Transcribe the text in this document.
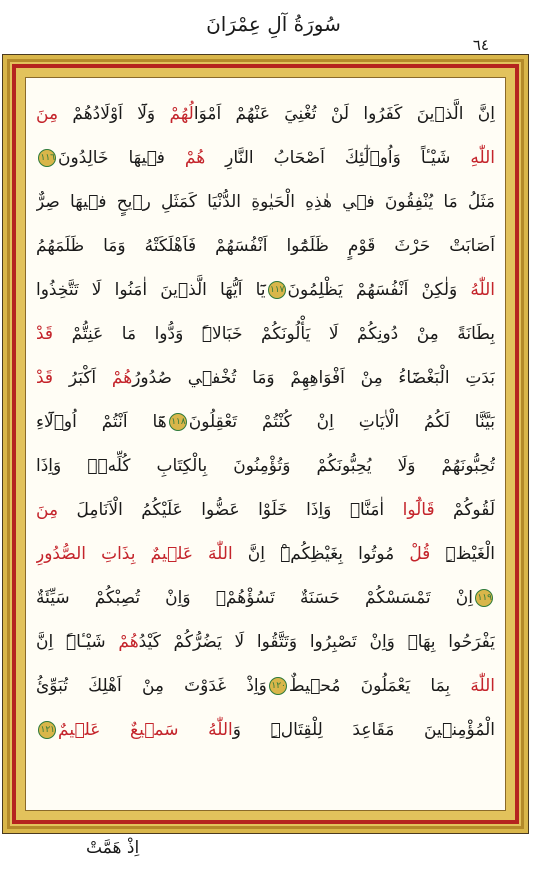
سُورَةُ آلِ عِمْرَانَ
٦٤
اِنَّ الَّذ۪ينَ كَفَرُوا لَنْ تُغْنِيَ عَنْهُمْ اَمْوَالُهُمْ وَلَٓا اَوْلَادُهُمْ مِنَ
اللّٰهِ شَيْـٔاً وَاُو۬لٰٓئِكَ اَصْحَابُ النَّارِ هُمْ ف۪يهَا خَالِدُونَ١١٦
مَثَلُ مَا يُنْفِقُونَ ف۪ي هٰذِهِ الْحَيٰوةِ الدُّنْيَا كَمَثَلِ ر۪يحٍ ف۪يهَا صِرٌّ
اَصَابَتْ حَرْثَ قَوْمٍ ظَلَمُٓوا اَنْفُسَهُمْ فَاَهْلَكَتْهُ وَمَا ظَلَمَهُمُ
اللّٰهُ وَلٰكِنْ اَنْفُسَهُمْ يَظْلِمُونَ١١٧يَٓا اَيُّهَا الَّذ۪ينَ اٰمَنُوا لَا تَتَّخِذُوا
بِطَانَةً مِنْ دُونِكُمْ لَا يَأْلُونَكُمْ خَبَالاًۜ وَدُّوا مَا عَنِتُّمْ قَدْ
بَدَتِ الْبَغْضَٓاءُ مِنْ اَفْوَاهِهِمْ وَمَا تُخْف۪ي صُدُورُهُمْ اَكْبَرُ قَدْ
بَيَّنَّا لَكُمُ الْاٰيَاتِ اِنْ كُنْتُمْ تَعْقِلُونَ١١٨هَٓا اَنْتُمْ اُو۬لَٓاءِ
تُحِبُّونَهُمْ وَلَا يُحِبُّونَكُمْ وَتُؤْمِنُونَ بِالْكِتَابِ كُلِّه۪ۚ وَاِذَا
لَقُوكُمْ قَالُٓوا اٰمَنَّاۚ وَاِذَا خَلَوْا عَضُّوا عَلَيْكُمُ الْاَنَامِلَ مِنَ
الْغَيْظِۜ قُلْ مُوتُوا بِغَيْظِكُمْۜ اِنَّ اللّٰهَ عَل۪يمٌ بِذَاتِ الصُّدُورِ
١١٩اِنْ تَمْسَسْكُمْ حَسَنَةٌ تَسُؤْهُمْۘ وَاِنْ تُصِبْكُمْ سَيِّئَةٌ
يَفْرَحُوا بِهَاۜ وَاِنْ تَصْبِرُوا وَتَتَّقُوا لَا يَضُرُّكُمْ كَيْدُهُمْ شَيْـٔاًۜ اِنَّ
اللّٰهَ بِمَا يَعْمَلُونَ مُح۪يطٌ١٢٠وَاِذْ غَدَوْتَ مِنْ اَهْلِكَ تُبَوِّئُ
الْمُؤْمِن۪ينَ مَقَاعِدَ لِلْقِتَالِۜ وَاللّٰهُ سَم۪يعٌ عَل۪يمٌ١٢١
اِذْ هَمَّتْ
